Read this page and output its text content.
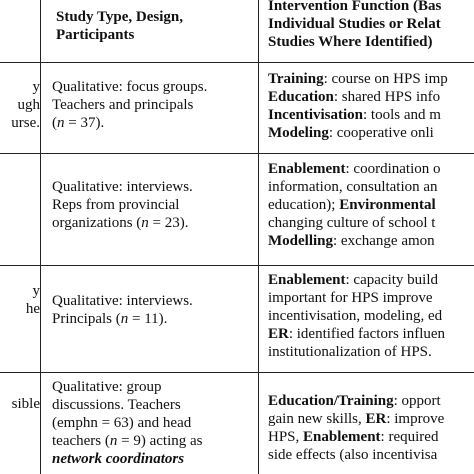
Study Type, Design,
Participants
Intervention Function (Bas
Individual Studies or Relat
Studies Where Identified)
y
ugh
urse.
Qualitative: focus groups.
Teachers and principals
(n = 37).
Training: course on HPS imp
Education: shared HPS info
Incentivisation: tools and m
Modeling: cooperative onli
Qualitative: interviews.
Reps from provincial
organizations (n = 23).
Enablement: coordination o
information, consultation an
education); Environmental
changing culture of school t
Modelling: exchange amon
y
he Qualitative: interviews.
Principals (n = 11).
Enablement: capacity build
important for HPS improve
incentivisation, modeling, ed
ER: identified factors influen
institutionalization of HPS.
sible
Qualitative: group
discussions. Teachers
(emphn = 63) and head
teachers (n = 9) acting as
network coordinators
Education/Training: opport
gain new skills, ER: improve
HPS, Enablement: required
side effects (also incentivisa
